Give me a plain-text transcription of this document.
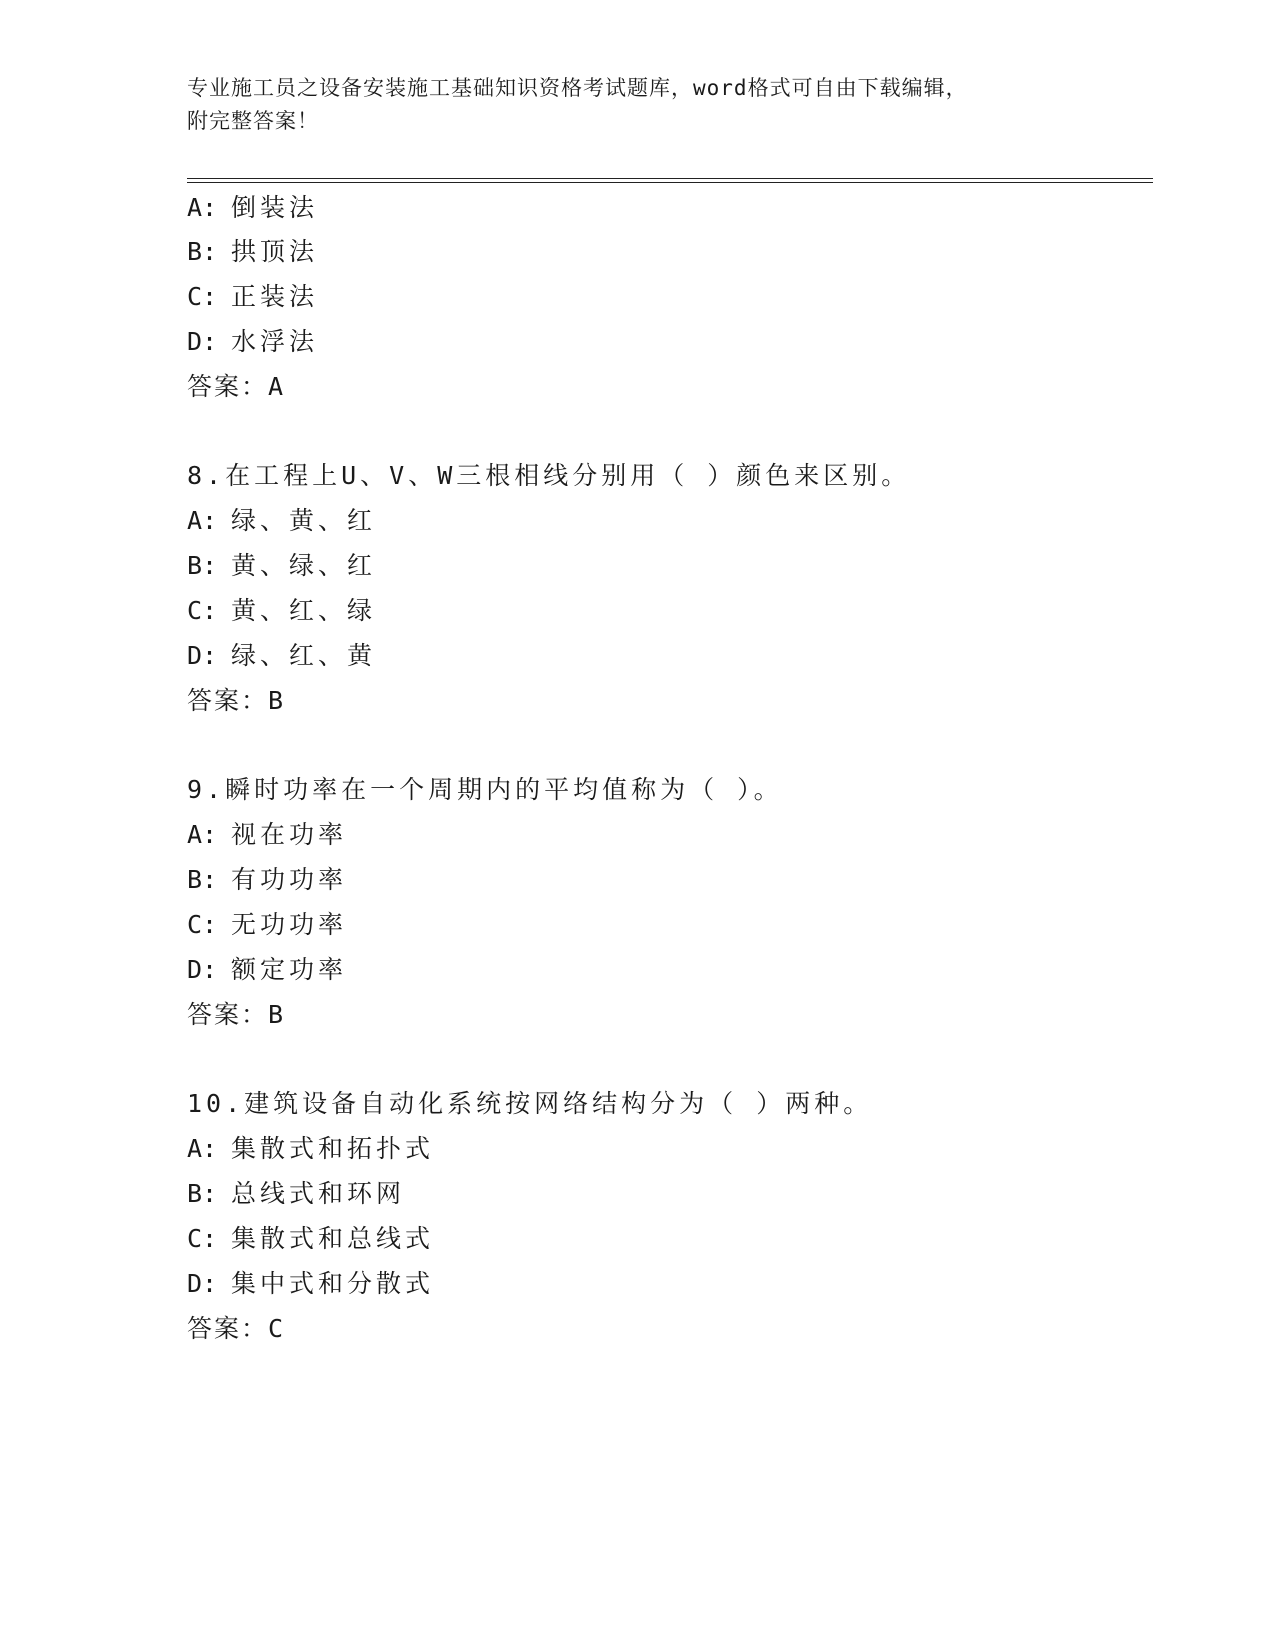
专业施工员之设备安装施工基础知识资格考试题库，word格式可自由下载编辑，
附完整答案！
A: 倒装法
B: 拱顶法
C: 正装法
D: 水浮法
答案：A
8.在工程上U、V、W三根相线分别用（ ）颜色来区别。
A: 绿、黄、红
B: 黄、绿、红
C: 黄、红、绿
D: 绿、红、黄
答案：B
9.瞬时功率在一个周期内的平均值称为（ ）。
A: 视在功率
B: 有功功率
C: 无功功率
D: 额定功率
答案：B
10.建筑设备自动化系统按网络结构分为（ ）两种。
A: 集散式和拓扑式
B: 总线式和环网
C: 集散式和总线式
D: 集中式和分散式
答案：C
